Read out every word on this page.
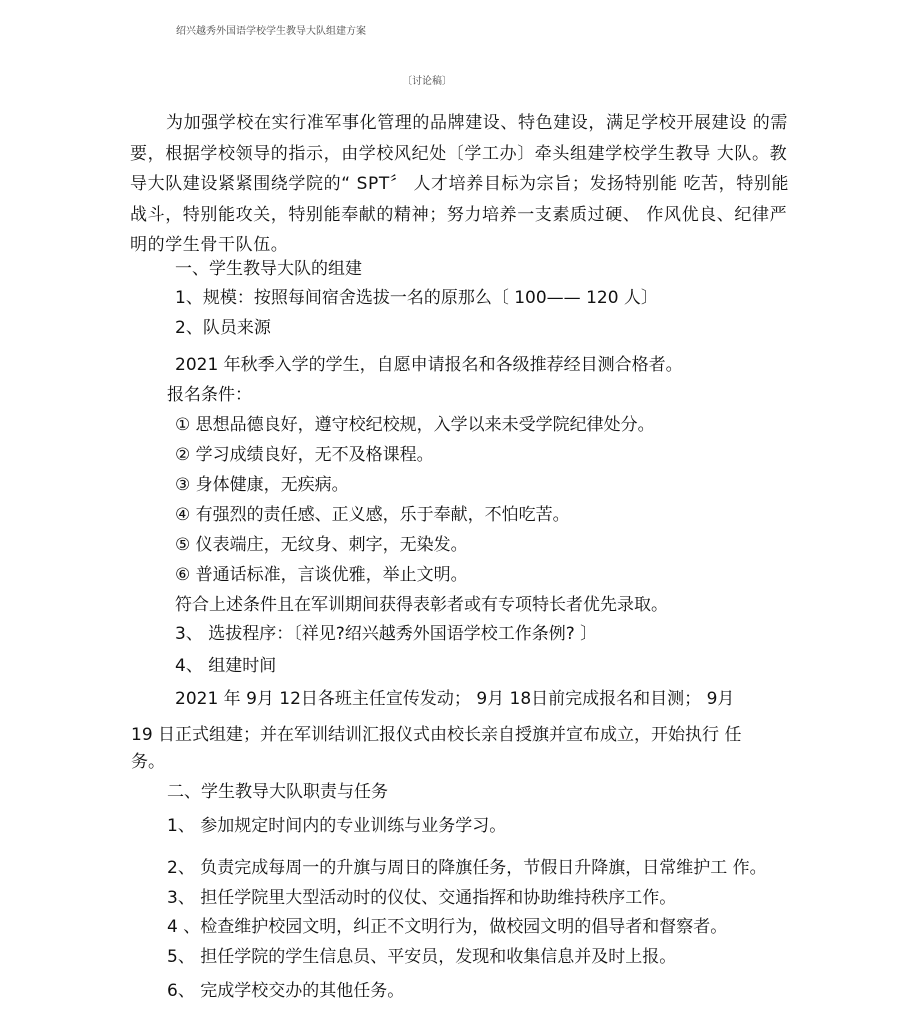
绍兴越秀外国语学校学生教导大队组建方案
〔讨论稿〕

为加强学校在实行准军事化管理的品牌建设、特色建设，满足学校开展建设 的需要，根据学校领导的指示，由学校风纪处〔学工办〕牵头组建学校学生教导 大队。教导大队建设紧紧围绕学院的“ SPT〞 人才培养目标为宗旨；发扬特别能 吃苦，特别能战斗，特别能攻关，特别能奉献的精神；努力培养一支素质过硬、 作风优良、纪律严明的学生骨干队伍。

一、学生教导大队的组建

1、规模：按照每间宿舍选拔一名的原那么〔 100—— 120 人〕

2、队员来源

2021 年秋季入学的学生，自愿申请报名和各级推荐经目测合格者。

报名条件：

① 思想品德良好，遵守校纪校规，入学以来未受学院纪律处分。

② 学习成绩良好，无不及格课程。

③ 身体健康，无疾病。

④ 有强烈的责任感、正义感，乐于奉献，不怕吃苦。

⑤ 仪表端庄，无纹身、刺字，无染发。

⑥ 普通话标准，言谈优雅，举止文明。

符合上述条件且在军训期间获得表彰者或有专项特长者优先录取。

3、 选拔程序：〔祥见?绍兴越秀外国语学校工作条例? 〕

4、 组建时间

2021 年 9月 12日各班主任宣传发动； 9月 18日前完成报名和目测； 9月

19 日正式组建；并在军训结训汇报仪式由校长亲自授旗并宣布成立，开始执行 任

务。

二、学生教导大队职责与任务

1、 参加规定时间内的专业训练与业务学习。

2、 负责完成每周一的升旗与周日的降旗任务，节假日升降旗，日常维护工 作。

3、 担任学院里大型活动时的仪仗、交通指挥和协助维持秩序工作。

4 、检查维护校园文明，纠正不文明行为，做校园文明的倡导者和督察者。

5、 担任学院的学生信息员、平安员，发现和收集信息并及时上报。

6、 完成学校交办的其他任务。
